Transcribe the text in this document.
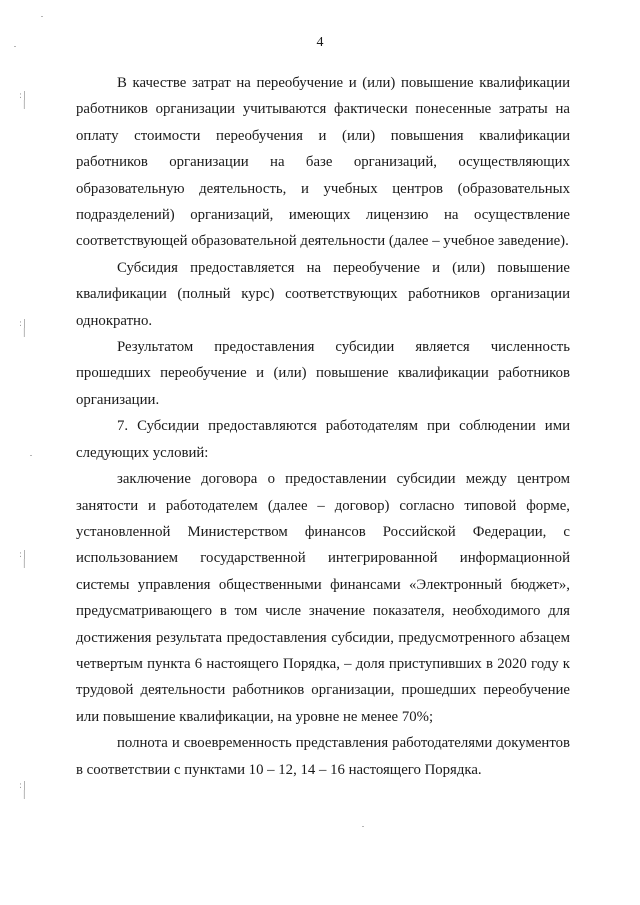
: |
|
: |
|
: |
|
: |
|
4

В качестве затрат на переобучение и (или) повышение квалификации работников организации учитываются фактически понесенные затраты на оплату стоимости переобучения и (или) повышения квалификации работников организации на базе организаций, осуществляющих образовательную деятельность, и учебных центров (образовательных подразделений) организаций, имеющих лицензию на осуществление соответствующей образовательной деятельности (далее – учебное заведение).

Субсидия предоставляется на переобучение и (или) повышение квалификации (полный курс) соответствующих работников организации однократно.

Результатом предоставления субсидии является численность прошедших переобучение и (или) повышение квалификации работников организации.

7. Субсидии предоставляются работодателям при соблюдении ими следующих условий:

заключение договора о предоставлении субсидии между центром занятости и работодателем (далее – договор) согласно типовой форме, установленной Министерством финансов Российской Федерации, с использованием государственной интегрированной информационной системы управления общественными финансами «Электронный бюджет», предусматривающего в том числе значение показателя, необходимого для достижения результата предоставления субсидии, предусмотренного абзацем четвертым пункта 6 настоящего Порядка, – доля приступивших в 2020 году к трудовой деятельности работников организации, прошедших переобучение или повышение квалификации, на уровне не менее 70%;

полнота и своевременность представления работодателями документов в соответствии с пунктами 10 – 12, 14 – 16 настоящего Порядка.
